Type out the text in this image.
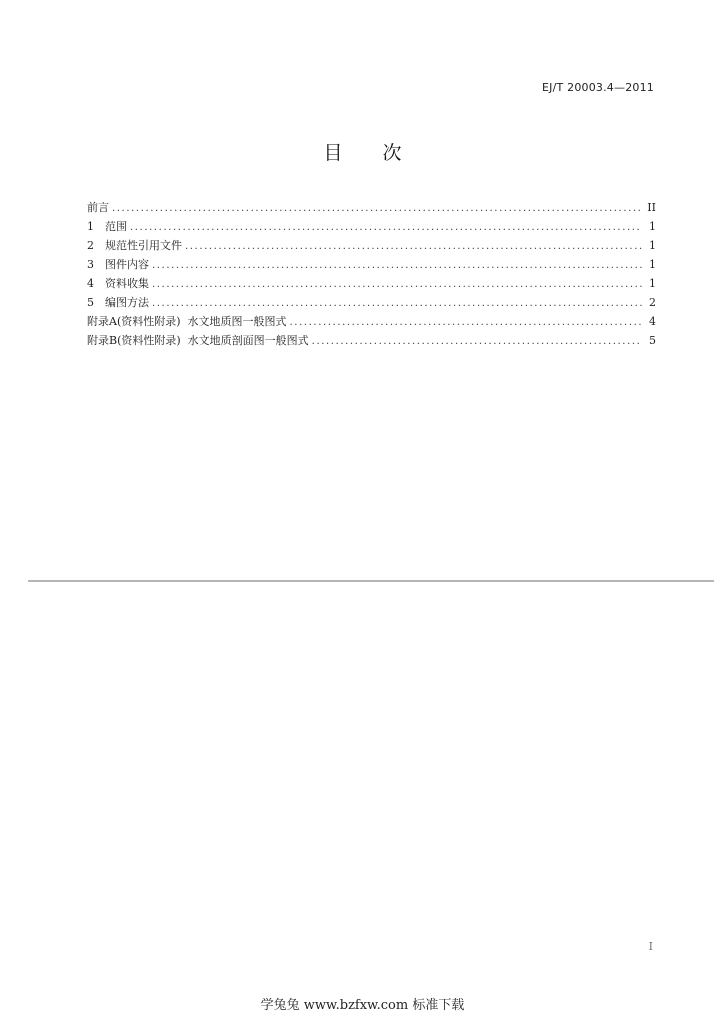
EJ/T 20003.4—2011
目次
前言 .....	II
1	范围 .....	1
2	规范性引用文件 .....	1
3	图件内容 .....	1
4	资料收集 .....	1
5	编图方法 .....	2
附录A(资料性附录)  水文地质图一般图式 .....	4
附录B(资料性附录)  水文地质剖面图一般图式 .....	5
I
学兔兔 www.bzfxw.com 标准下载
